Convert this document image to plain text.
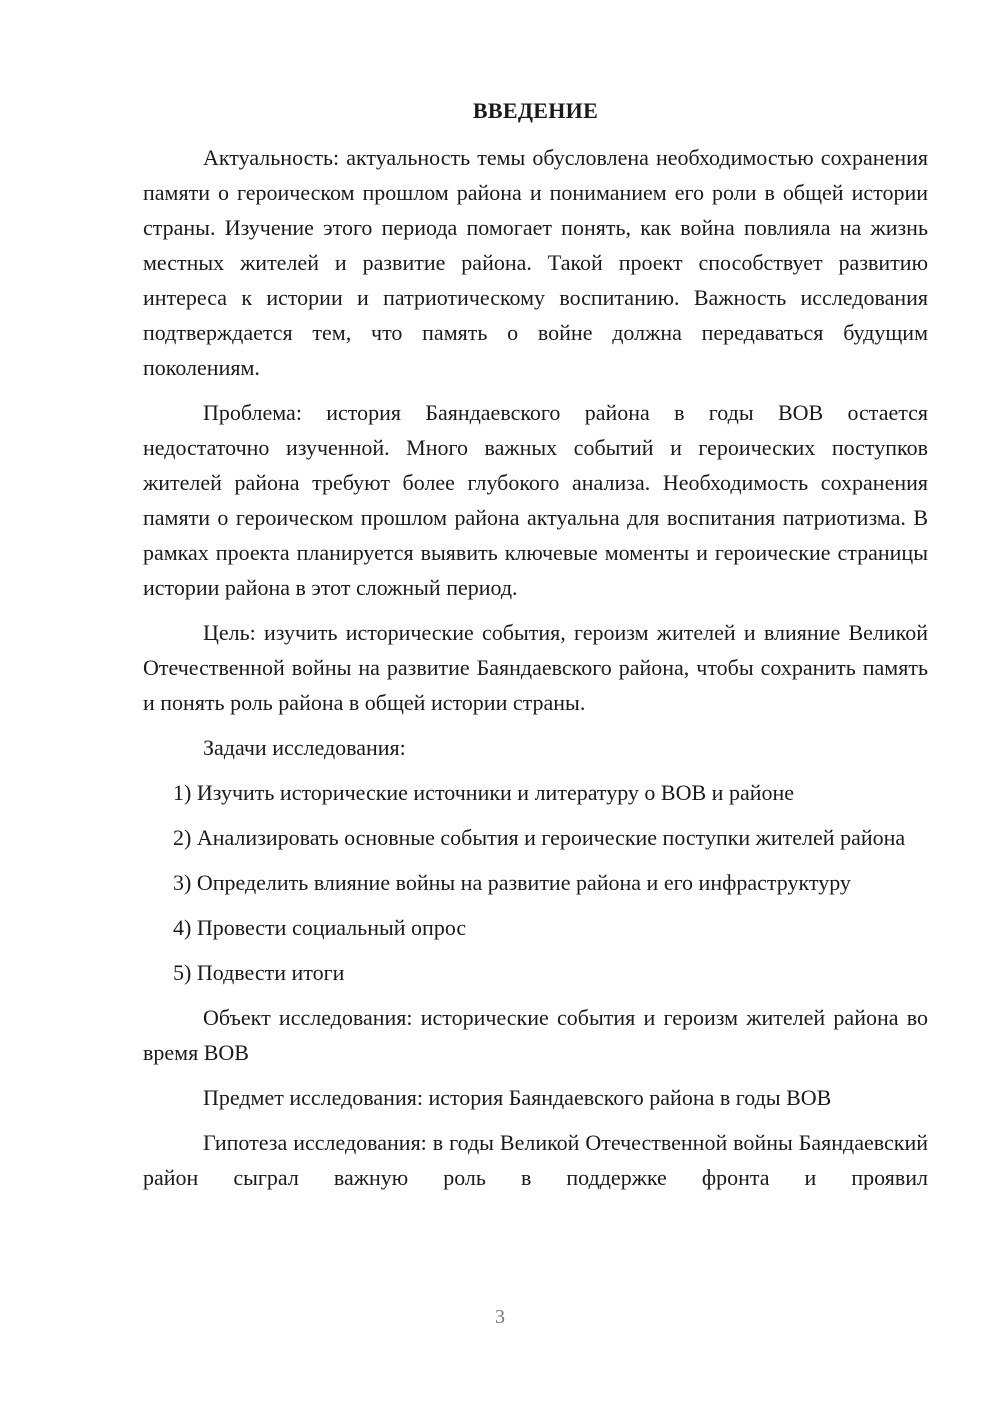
ВВЕДЕНИЕ

Актуальность: актуальность темы обусловлена необходимостью сохранения памяти о героическом прошлом района и пониманием его роли в общей истории страны. Изучение этого периода помогает понять, как война повлияла на жизнь местных жителей и развитие района. Такой проект способствует развитию интереса к истории и патриотическому воспитанию. Важность исследования подтверждается тем, что память о войне должна передаваться будущим поколениям.

Проблема: история Баяндаевского района в годы ВОВ остается недостаточно изученной. Много важных событий и героических поступков жителей района требуют более глубокого анализа. Необходимость сохранения памяти о героическом прошлом района актуальна для воспитания патриотизма. В рамках проекта планируется выявить ключевые моменты и героические страницы истории района в этот сложный период.

Цель: изучить исторические события, героизм жителей и влияние Великой Отечественной войны на развитие Баяндаевского района, чтобы сохранить память и понять роль района в общей истории страны.

Задачи исследования:

1) Изучить исторические источники и литературу о ВОВ и районе

2) Анализировать основные события и героические поступки жителей района

3) Определить влияние войны на развитие района и его инфраструктуру

4) Провести социальный опрос

5) Подвести итоги

Объект исследования: исторические события и героизм жителей района во время ВОВ

Предмет исследования: история Баяндаевского района в годы ВОВ

Гипотеза исследования: в годы Великой Отечественной войны Баяндаевский район сыграл важную роль в поддержке фронта и проявил

3
